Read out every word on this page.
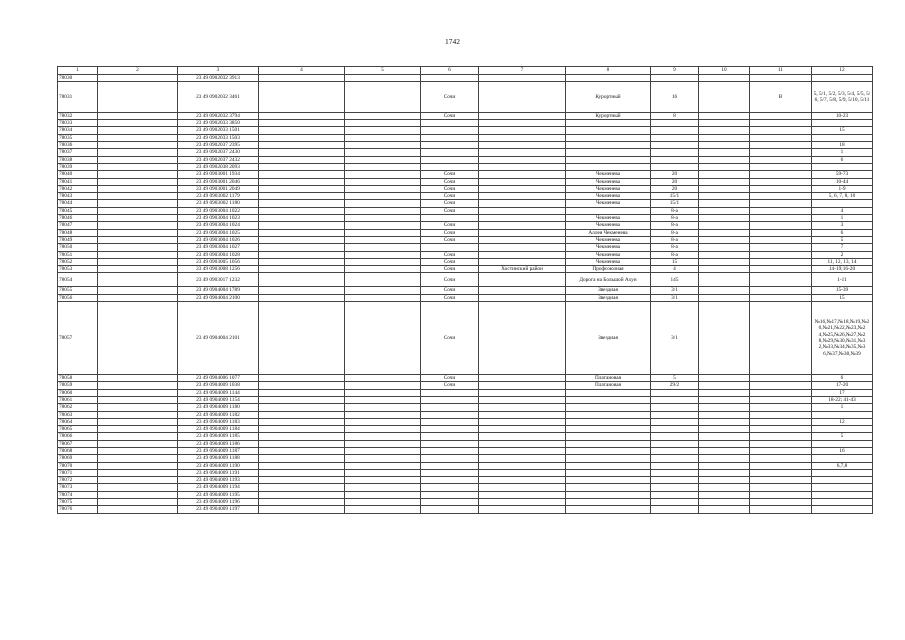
1742
1	2	3	4	5	6	7	8	9	10	11	12
78030		23 49 0902032 3913									
78031		23 49 0902032 3461			Сочи		Курортный	16		В	5, 5/1, 5/2, 5/3, 5/4, 5/5, 5/6, 5/7, 5/8, 5/9, 5/10, 5/11
78032		23 49 0902032 3794			Сочи		Курортный	8			10-23
78033		23 49 0902033 3850									
78034		23 49 0902033 1501									15
78035		23 49 0902033 1503									
78036		23 49 0902037 2395									18
78037		23 49 0902037 2430									1
78038		23 49 0902037 2432									6
78039		23 49 0902038 2093									
78040		23 49 0903001 1934			Сочи		Чекменева	20			59-73
78041		23 49 0903001 2046			Сочи		Чекменева	20			10-44
78042		23 49 0903001 2049			Сочи		Чекменева	20			1-9
78043		23 49 0903002 1179			Сочи		Чекменева	15/1			5, 6, 7, 8, 10
78044		23 49 0903002 1180			Сочи		Чекменева	15/1			
78045		23 49 0903004 1022			Сочи			8-а			4
78046		23 49 0903004 1023					Чекменева	8-а			1
78047		23 49 0903004 1024			Сочи		Чекменева	8-а			3
78048		23 49 0903004 1025			Сочи		Аллея Чекменева	8-а			6
78049		23 49 0903004 1026			Сочи		Чекменева	8-а			5
78050		23 49 0903004 1027					Чекменева	8-а			7
78051		23 49 0903004 1028			Сочи		Чекменева	8-а			2
78052		23 49 0903005 1056			Сочи		Чекменева	15			11, 12, 13, 14
78053		23 49 0903008 1256			Сочи	Хостинский район	Профсоюзная	4			14-19;16-20
78054		23 49 0903017 1232			Сочи		Дорога на Большой Ахун	145			1-11
78055		23 49 0904004 1789			Сочи		Звездная	3/1			15-39
78056		23 49 0904004 2100			Сочи		Звездная	3/1			15
78057		23 49 0904004 2101			Сочи		Звездная	3/1			№16,№17,№18,№19,№20,№21,№22,№23,№24,№25,№26,№27,№28,№29,№30,№31,№32,№33,№34,№35,№36,№37,№38,№39
78058		23 49 0904006 1077			Сочи		Платановая	5			6
78059		23 49 0904009 1038			Сочи		Платановая	29/2			17-20
78060		23 49 0904009 1144									17
78061		23 49 0904009 1154									18-22; 41-43
78062		23 49 0904009 1180									1
78063		23 49 0904009 1182									
78064		23 49 0904009 1183									12
78065		23 49 0904009 1184									
78066		23 49 0904009 1185									5
78067		23 49 0904009 1186									
78068		23 49 0904009 1187									16
78069		23 49 0904009 1188									
78070		23 49 0904009 1190									6,7,8
78071		23 49 0904009 1191									
78072		23 49 0904009 1193									
78073		23 49 0904009 1194									
78074		23 49 0904009 1195									
78075		23 49 0904009 1196									
78076		23 49 0904009 1197									
